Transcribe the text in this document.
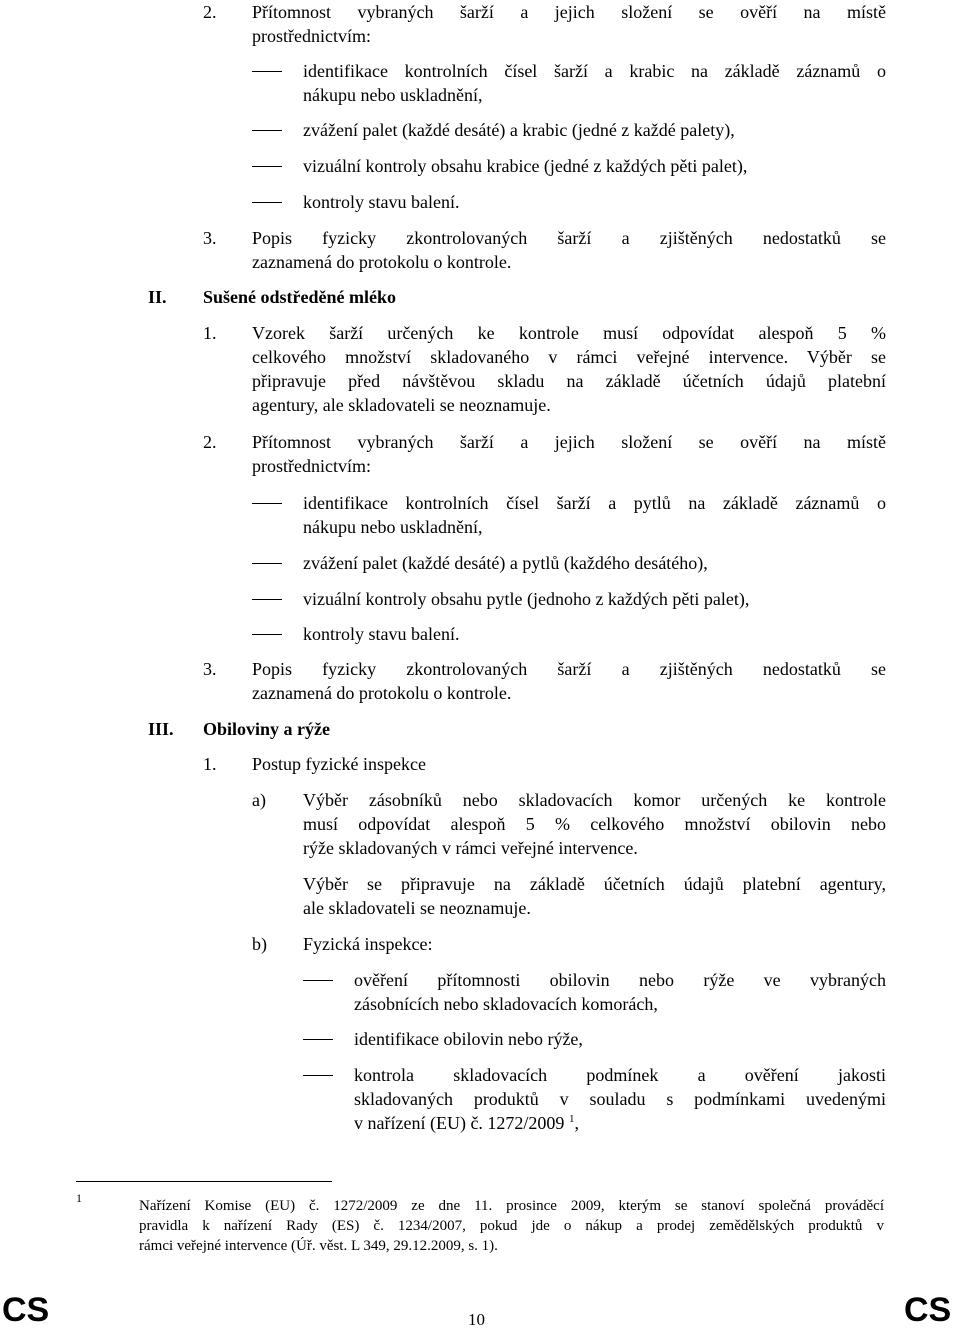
2. Přítomnost vybraných šarží a jejich složení se ověří na místě
prostřednictvím:
identifikace kontrolních čísel šarží a krabic na základě záznamů o
nákupu nebo uskladnění,
zvážení palet (každé desáté) a krabic (jedné z každé palety),
vizuální kontroly obsahu krabice (jedné z každých pěti palet),
kontroly stavu balení.
3. Popis fyzicky zkontrolovaných šarží a zjištěných nedostatků se
zaznamená do protokolu o kontrole.
II. Sušené odstředěné mléko
1. Vzorek šarží určených ke kontrole musí odpovídat alespoň 5 %
celkového množství skladovaného v rámci veřejné intervence. Výběr se
připravuje před návštěvou skladu na základě účetních údajů platební
agentury, ale skladovateli se neoznamuje.
2. Přítomnost vybraných šarží a jejich složení se ověří na místě
prostřednictvím:
identifikace kontrolních čísel šarží a pytlů na základě záznamů o
nákupu nebo uskladnění,
zvážení palet (každé desáté) a pytlů (každého desátého),
vizuální kontroly obsahu pytle (jednoho z každých pěti palet),
kontroly stavu balení.
3. Popis fyzicky zkontrolovaných šarží a zjištěných nedostatků se
zaznamená do protokolu o kontrole.
III. Obiloviny a rýže
1. Postup fyzické inspekce
a) Výběr zásobníků nebo skladovacích komor určených ke kontrole
musí odpovídat alespoň 5 % celkového množství obilovin nebo
rýže skladovaných v rámci veřejné intervence.
Výběr se připravuje na základě účetních údajů platební agentury,
ale skladovateli se neoznamuje.
b) Fyzická inspekce:
ověření přítomnosti obilovin nebo rýže ve vybraných
zásobnících nebo skladovacích komorách,
identifikace obilovin nebo rýže,
kontrola skladovacích podmínek a ověření jakosti
skladovaných produktů v souladu s podmínkami uvedenými
v nařízení (EU) č. 1272/2009 $^1$,
1	Nařízení Komise (EU) č. 1272/2009 ze dne 11. prosince 2009, kterým se stanoví společná prováděcí
pravidla k nařízení Rady (ES) č. 1234/2007, pokud jde o nákup a prodej zemědělských produktů v
rámci veřejné intervence (Úř. věst. L 349, 29.12.2009, s. 1).
CS	10	CS
